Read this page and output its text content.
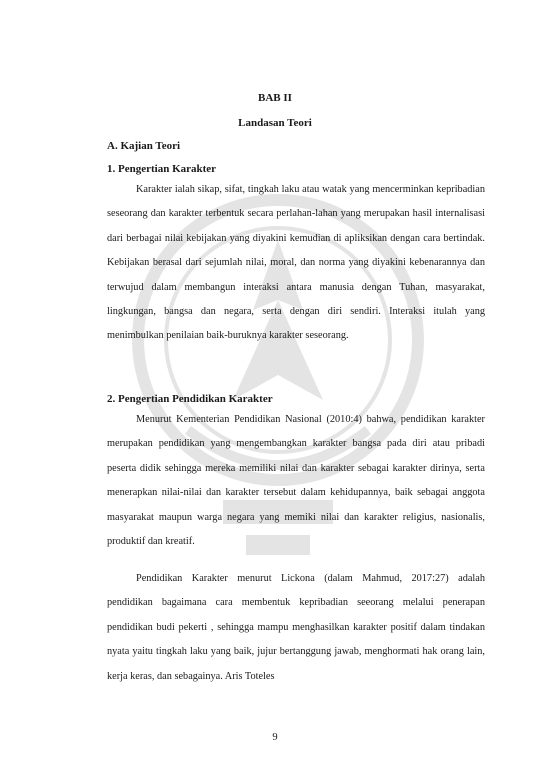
BAB II
Landasan Teori
A. Kajian Teori
1. Pengertian Karakter

Karakter ialah sikap, sifat, tingkah laku atau watak yang mencerminkan kepribadian seseorang dan karakter terbentuk secara perlahan-lahan yang merupakan hasil internalisasi dari berbagai nilai kebijakan yang diyakini kemudian di apliksikan dengan cara bertindak. Kebijakan berasal dari sejumlah nilai, moral, dan norma yang diyakini kebenarannya dan terwujud dalam membangun interaksi antara manusia dengan Tuhan, masyarakat, lingkungan, bangsa dan negara, serta dengan diri sendiri. Interaksi itulah yang menimbulkan penilaian baik-buruknya karakter seseorang.

2. Pengertian Pendidikan Karakter

Menurut Kementerian Pendidikan Nasional (2010:4) bahwa, pendidikan karakter merupakan pendidikan yang mengembangkan karakter bangsa pada diri atau pribadi peserta didik sehingga mereka memiliki nilai dan karakter sebagai karakter dirinya, serta menerapkan nilai-nilai dan karakter tersebut dalam kehidupannya, baik sebagai anggota masyarakat maupun warga negara yang memiki nilai dan karakter religius, nasionalis, produktif dan kreatif.

Pendidikan Karakter menurut Lickona (dalam Mahmud, 2017:27) adalah pendidikan bagaimana cara membentuk kepribadian seeorang melalui penerapan pendidikan budi pekerti , sehingga mampu menghasilkan karakter positif dalam tindakan nyata yaitu tingkah laku yang baik, jujur bertanggung jawab, menghormati hak orang lain, kerja keras, dan sebagainya. Aris Toteles

9
